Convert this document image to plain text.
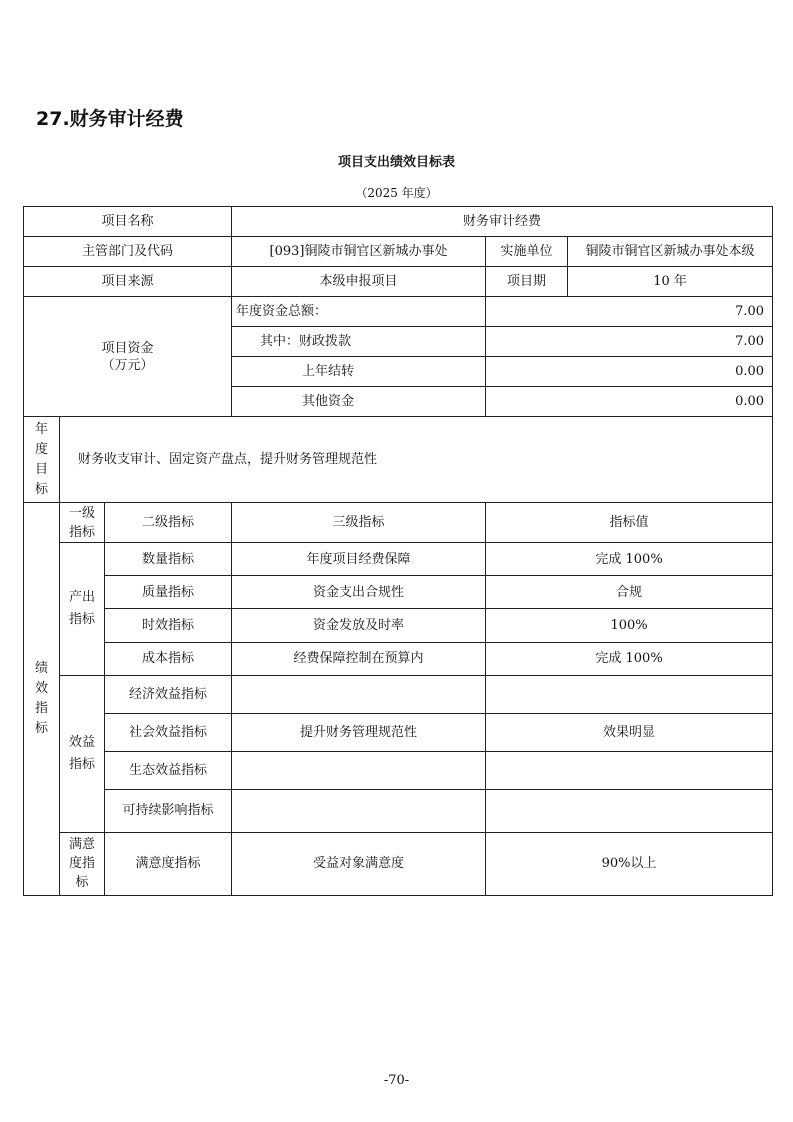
27.财务审计经费
项目支出绩效目标表
（2025 年度）
项目名称			财务审计经费		
主管部门及代码			[093]铜陵市铜官区新城办事处	实施单位	铜陵市铜官区新城办事处本级
项目来源			本级申报项目	项目期	10 年

项目资金
（万元）			年度资金总额：	7.00	
			其中：财政拨款	7.00	
			上年结转	0.00	
			其他资金	0.00	

年度目标	财务收支审计、固定资产盘点，提升财务管理规范性				

绩效指标	一级指标	二级指标	三级指标	指标值	
	产出指标	数量指标	年度项目经费保障	完成 100%	
		质量指标	资金支出合规性	合规	
		时效指标	资金发放及时率	100%	
		成本指标	经费保障控制在预算内	完成 100%	
	效益指标	经济效益指标			
		社会效益指标	提升财务管理规范性	效果明显	
		生态效益指标			
		可持续影响指标			
	满意度指标	满意度指标	受益对象满意度	90%以上	
-70-
